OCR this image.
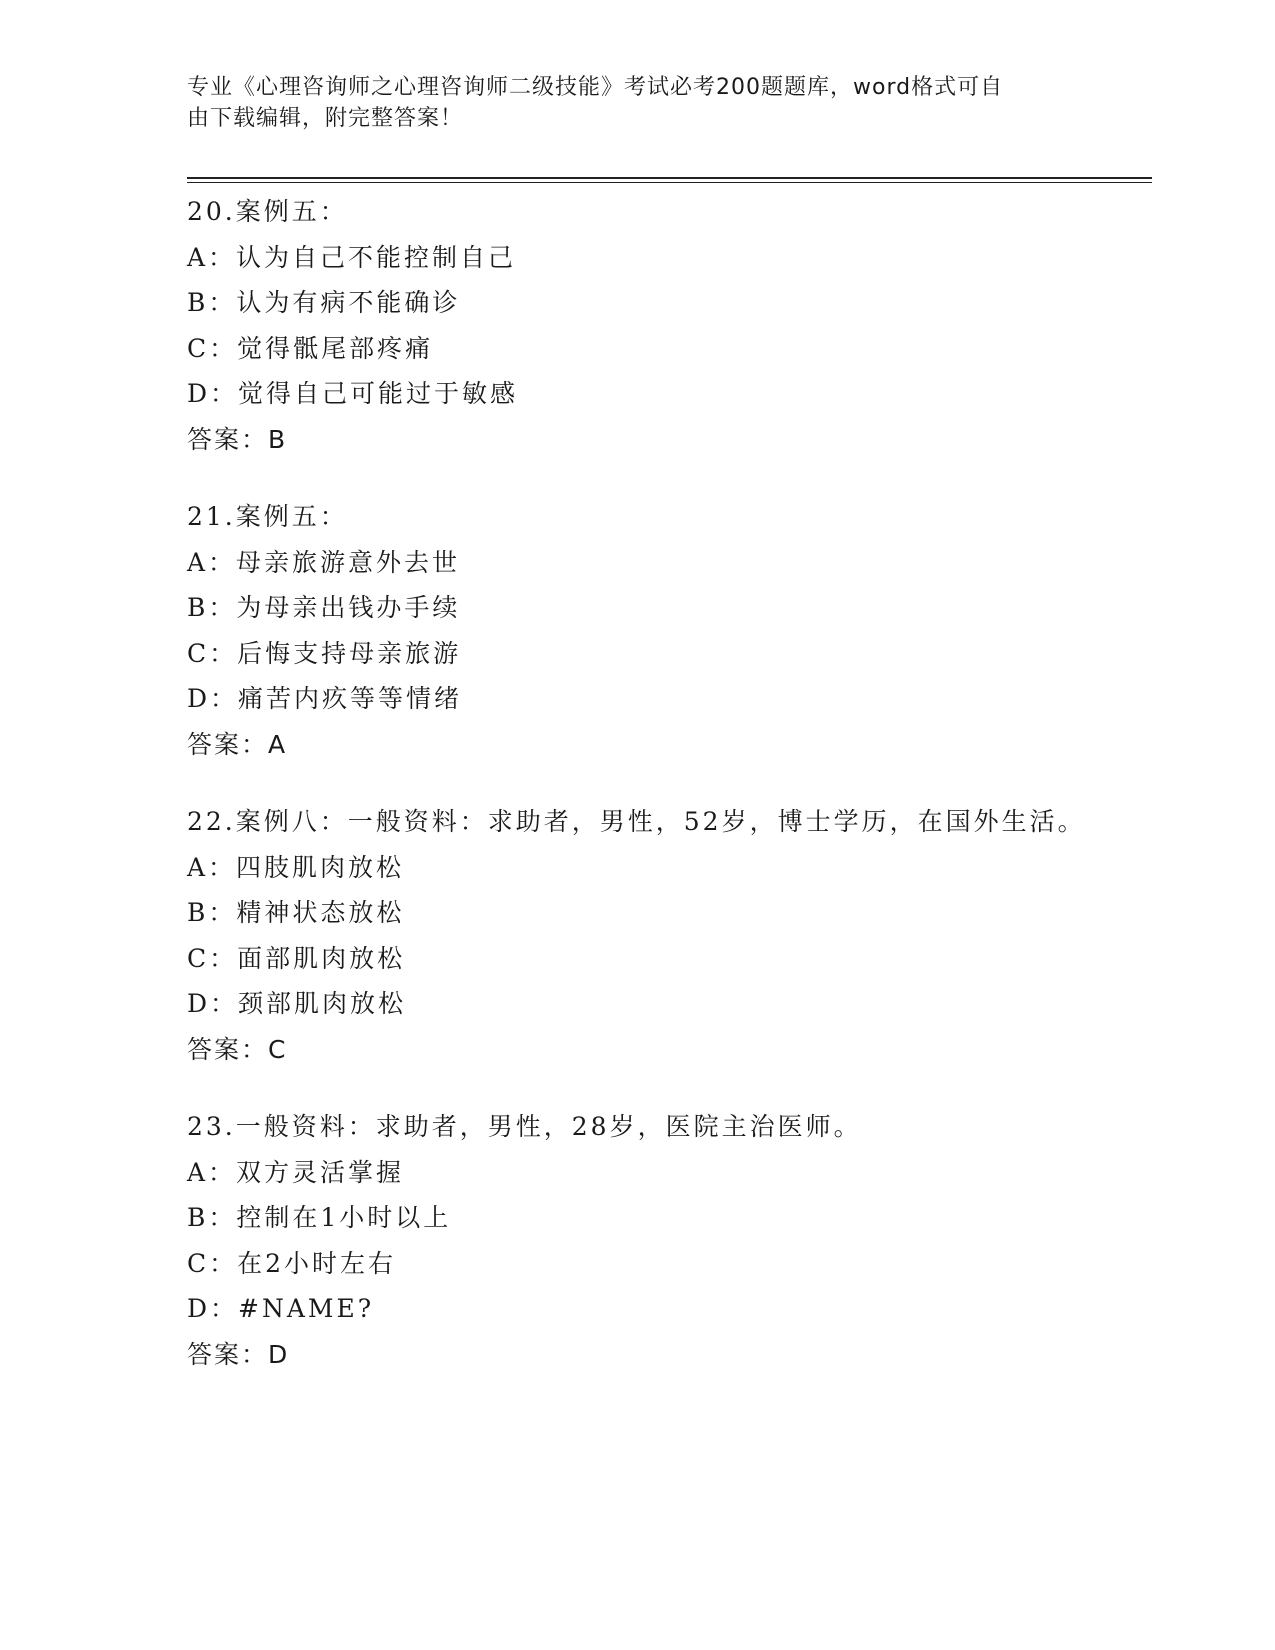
专业《心理咨询师之心理咨询师二级技能》考试必考200题题库，word格式可自
由下载编辑，附完整答案！
20.案例五：
A：认为自己不能控制自己
B：认为有病不能确诊
C：觉得骶尾部疼痛
D：觉得自己可能过于敏感
答案：B
21.案例五：
A：母亲旅游意外去世
B：为母亲出钱办手续
C：后悔支持母亲旅游
D：痛苦内疚等等情绪
答案：A
22.案例八：一般资料：求助者，男性，52岁，博士学历，在国外生活。
A：四肢肌肉放松
B：精神状态放松
C：面部肌肉放松
D：颈部肌肉放松
答案：C
23.一般资料：求助者，男性，28岁，医院主治医师。
A：双方灵活掌握
B：控制在1小时以上
C：在2小时左右
D：#NAME?
答案：D
